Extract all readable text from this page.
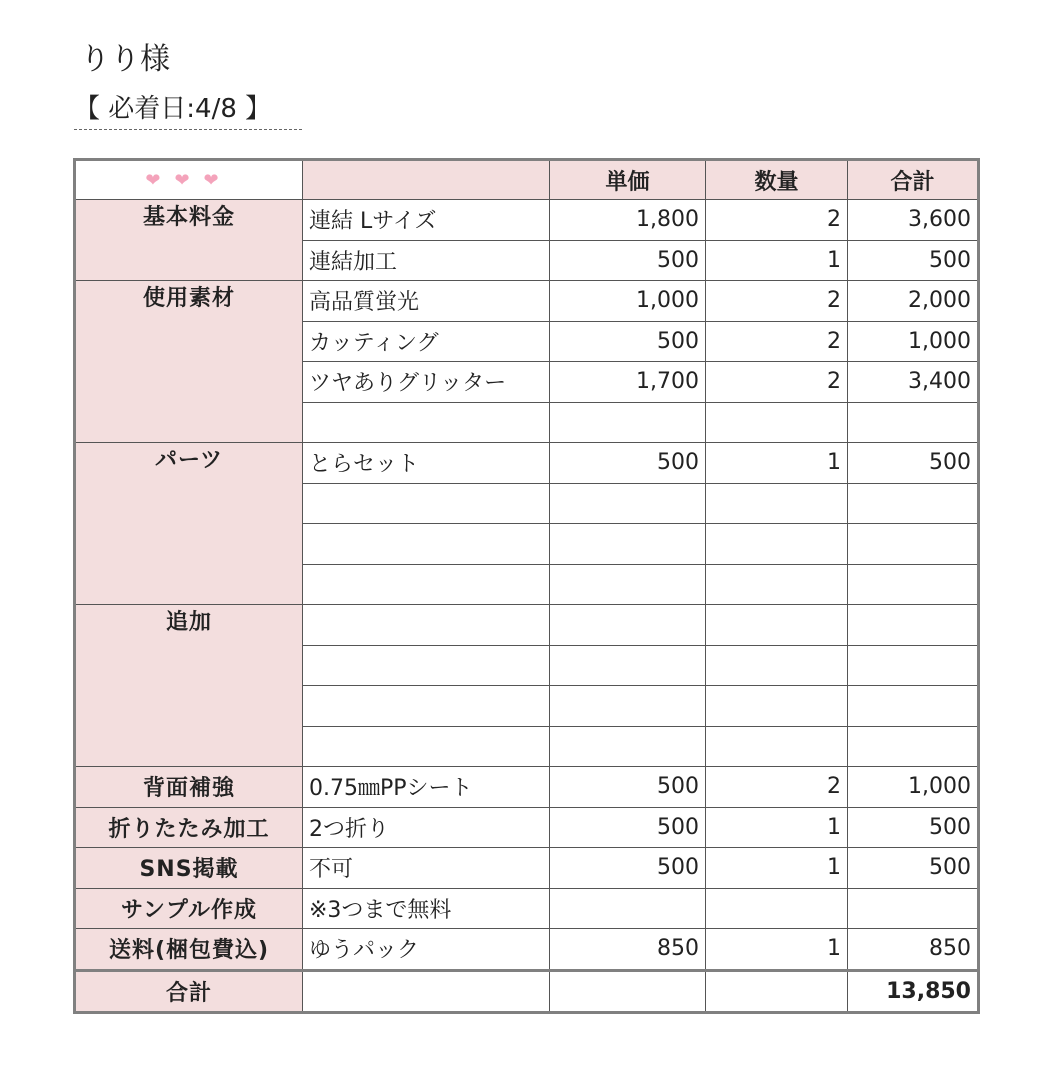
りり様
【 必着日:4/8 】
❤❤❤		単価	数量	合計
基本料金	連結 Lサイズ	1,800	2	3,600
	連結加工	500	1	500
使用素材	高品質蛍光	1,000	2	2,000
	カッティング	500	2	1,000
	ツヤありグリッター	1,700	2	3,400

パーツ	とらセット	500	1	500

追加				

背面補強	0.75㎜PPシート	500	2	1,000
折りたたみ加工	2つ折り	500	1	500
SNS掲載	不可	500	1	500
サンプル作成	※3つまで無料			
送料(梱包費込)	ゆうパック	850	1	850
合計				13,850
